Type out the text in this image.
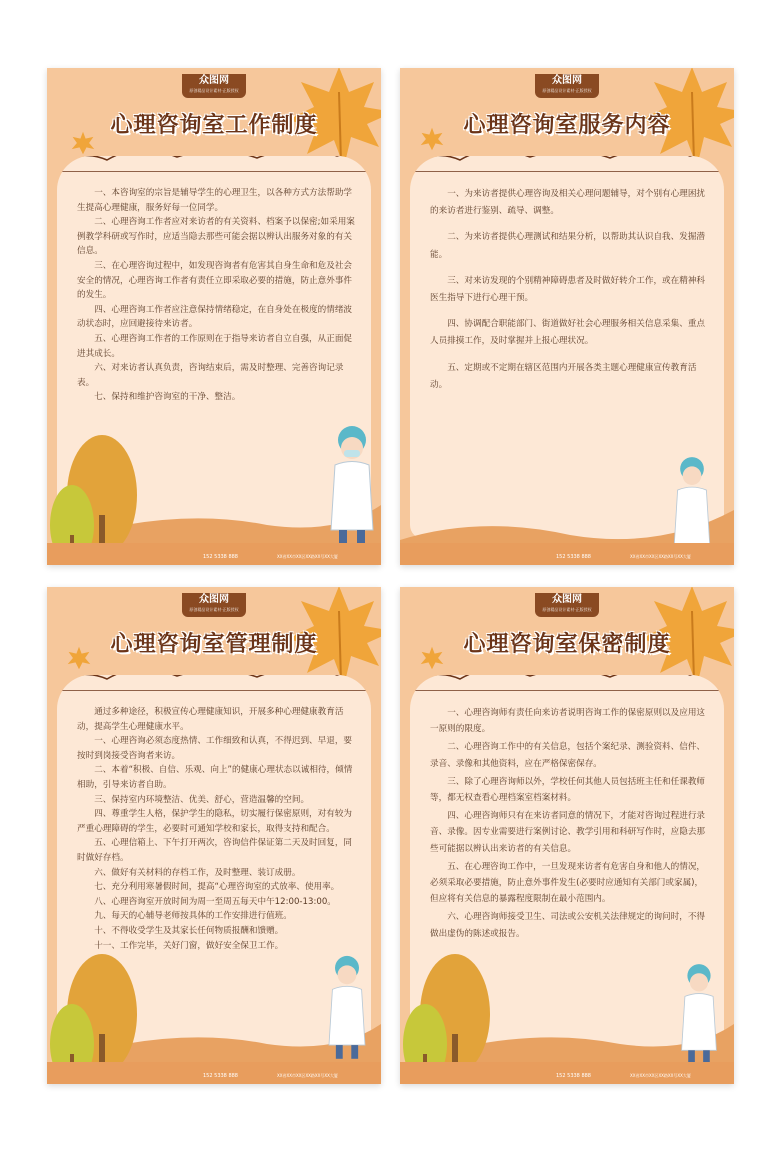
众图网
原创精品设计素材·正版授权
心理咨询室工作制度

一、本咨询室的宗旨是辅导学生的心理卫生，以各种方式方法帮助学生提高心理健康，服务好每一位同学。

二、心理咨询工作者应对来访者的有关资料、档案予以保密;如采用案例教学科研或写作时，应适当隐去那些可能会据以辨认出服务对象的有关信息。

三、在心理咨询过程中，如发现咨询者有危害其自身生命和危及社会安全的情况，心理咨询工作者有责任立即采取必要的措施，防止意外事件的发生。

四、心理咨询工作者应注意保持情绪稳定，在自身处在极度的情绪波动状态时，应回避接待来访者。

五、心理咨询工作者的工作原则在于指导来访者自立自强，从正面促进其成长。

六、对来访者认真负责，咨询结束后，需及时整理、完善咨询记录表。

七、保持和维护咨询室的干净、整洁。

152 5338 888	XX省XX市XX区XX路XX号XX大厦
众图网
原创精品设计素材·正版授权
心理咨询室服务内容

一、为来访者提供心理咨询及相关心理问题辅导，对个别有心理困扰的来访者进行鉴别、疏导、调整。

二、为来访者提供心理测试和结果分析，以帮助其认识自我、发掘潜能。

三、对来访发现的个别精神障碍患者及时做好转介工作，或在精神科医生指导下进行心理干预。

四、协调配合职能部门、街道做好社会心理服务相关信息采集、重点人员排摸工作，及时掌握并上报心理状况。

五、定期或不定期在辖区范围内开展各类主题心理健康宣传教育活动。

152 5338 888	XX省XX市XX区XX路XX号XX大厦
众图网
原创精品设计素材·正版授权
心理咨询室管理制度

通过多种途径，积极宣传心理健康知识，开展多种心理健康教育活动，提高学生心理健康水平。

一、心理咨询必须态度热情、工作细致和认真，不得迟到、早退，要按时到岗接受咨询者来访。

二、本着“积极、自信、乐观、向上”的健康心理状态以诚相待，倾情相助，引导来访者自助。

三、保持室内环境整洁、优美、舒心，营造温馨的空间。

四、尊重学生人格，保护学生的隐私，切实履行保密原则，对有较为严重心理障碍的学生，必要时可通知学校和家长，取得支持和配合。

五、心理信箱上、下午打开两次，咨询信件保证第二天及时回复，同时做好存档。

六、做好有关材料的存档工作，及时整理、装订成册。

七、充分利用寒暑假时间，提高“心理咨询室的式放率、使用率。

八、心理咨询室开放时间为周一至周五每天中午12:00-13:00。

九、每天的心辅导老师按具体的工作安排进行值班。

十、不得收受学生及其家长任何物质报酬和馈赠。

十一、工作完毕，关好门窗，做好安全保卫工作。

152 5338 888	XX省XX市XX区XX路XX号XX大厦
众图网
原创精品设计素材·正版授权
心理咨询室保密制度

一、心理咨询师有责任向来访者说明咨询工作的保密原则以及应用这一原则的限度。

二、心理咨询工作中的有关信息，包括个案纪录、测验资料、信件、录音、录像和其他资料，应在严格保密保存。

三、除了心理咨询师以外，学校任何其他人员包括班主任和任课教师等，都无权查看心理档案室档案材料。

四、心理咨询师只有在来访者同意的情况下，才能对咨询过程进行录音、录像。因专业需要进行案例讨论、教学引用和科研写作时，应隐去那些可能据以辨认出来访者的有关信息。

五、在心理咨询工作中，一旦发现来访者有危害自身和他人的情况，必须采取必要措施，防止意外事件发生(必要时应通知有关部门或家属)，但应将有关信息的暴露程度限制在最小范围内。

六、心理咨询师接受卫生、司法或公安机关法律规定的询问时，不得做出虚伪的陈述或报告。

152 5338 888	XX省XX市XX区XX路XX号XX大厦
